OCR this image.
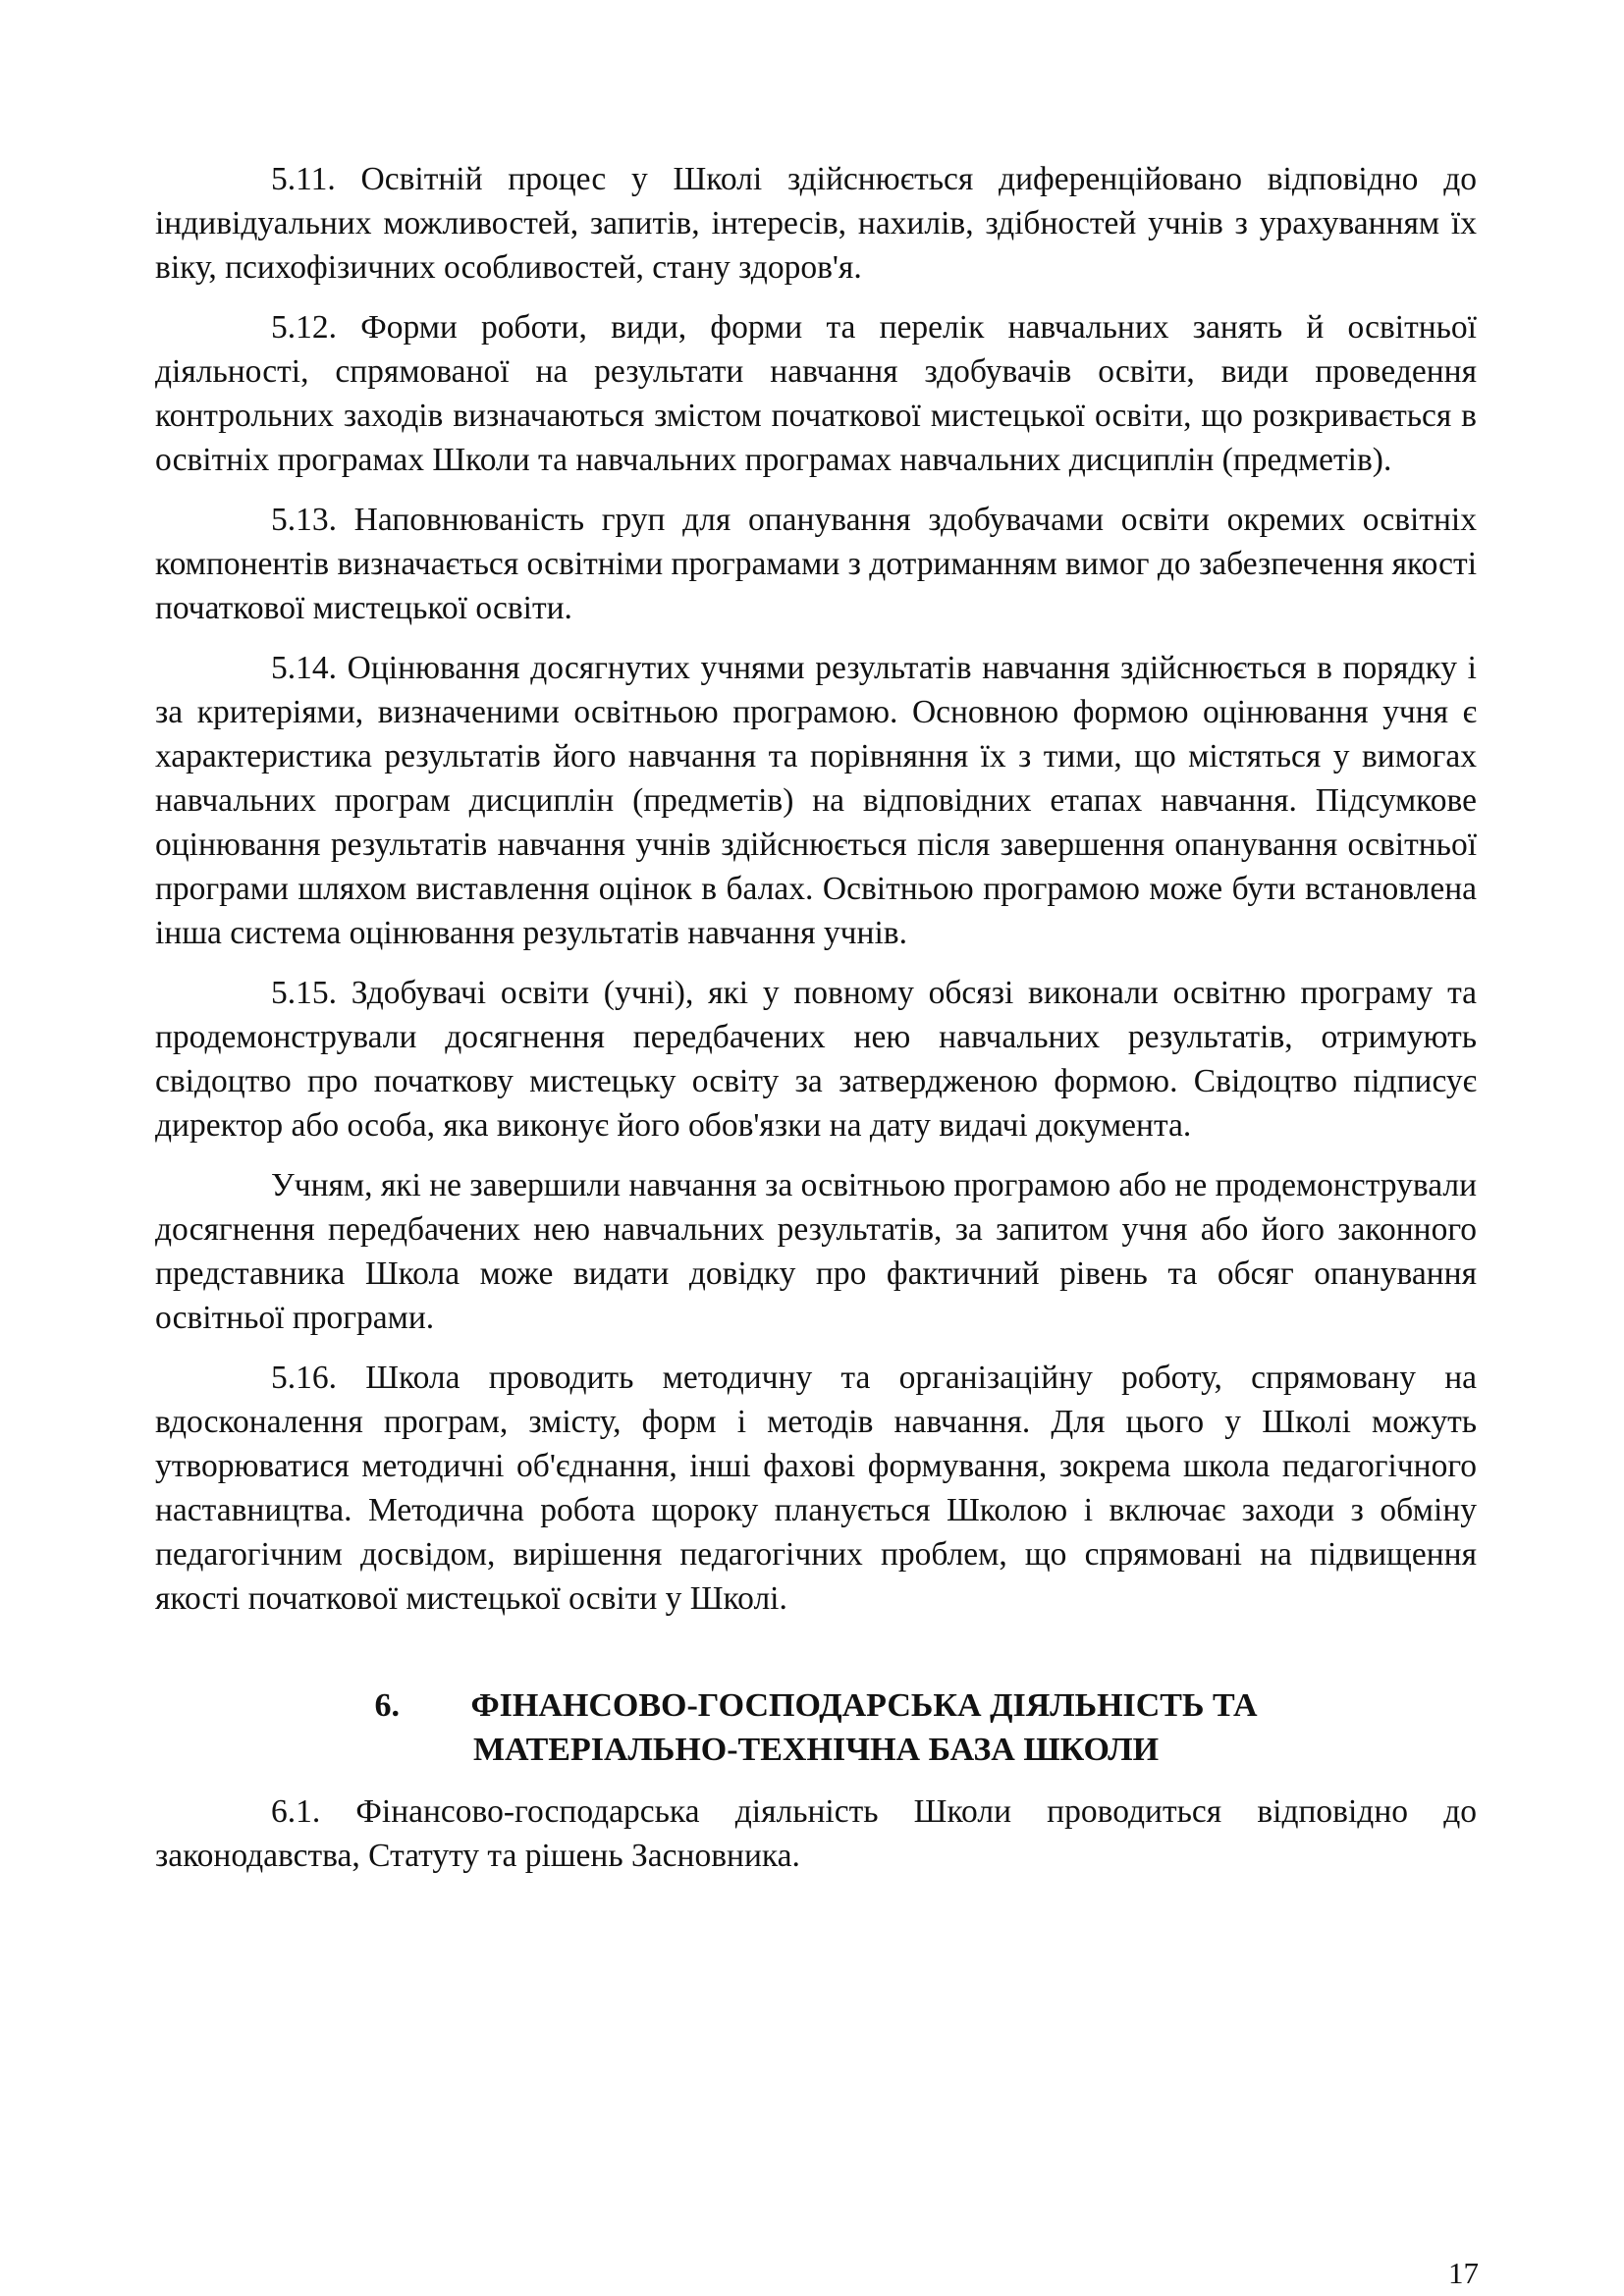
5.11. Освітній процес у Школі здійснюється диференційовано відповідно до індивідуальних можливостей, запитів, інтересів, нахилів, здібностей учнів з урахуванням їх віку, психофізичних особливостей, стану здоров'я.

5.12. Форми роботи, види, форми та перелік навчальних занять й освітньої діяльності, спрямованої на результати навчання здобувачів освіти, види проведення контрольних заходів визначаються змістом початкової мистецької освіти, що розкривається в освітніх програмах Школи та навчальних програмах навчальних дисциплін (предметів).

5.13. Наповнюваність груп для опанування здобувачами освіти окремих освітніх компонентів визначається освітніми програмами з дотриманням вимог до забезпечення якості початкової мистецької освіти.

5.14. Оцінювання досягнутих учнями результатів навчання здійснюється в порядку і за критеріями, визначеними освітньою програмою. Основною формою оцінювання учня є характеристика результатів його навчання та порівняння їх з тими, що містяться у вимогах навчальних програм дисциплін (предметів) на відповідних етапах навчання. Підсумкове оцінювання результатів навчання учнів здійснюється після завершення опанування освітньої програми шляхом виставлення оцінок в балах. Освітньою програмою може бути встановлена інша система оцінювання результатів навчання учнів.

5.15. Здобувачі освіти (учні), які у повному обсязі виконали освітню програму та продемонстрували досягнення передбачених нею навчальних результатів, отримують свідоцтво про початкову мистецьку освіту за затвердженою формою. Свідоцтво підписує директор або особа, яка виконує його обов'язки на дату видачі документа.

Учням, які не завершили навчання за освітньою програмою або не продемонстрували досягнення передбачених нею навчальних результатів, за запитом учня або його законного представника Школа може видати довідку про фактичний рівень та обсяг опанування освітньої програми.

5.16. Школа проводить методичну та організаційну роботу, спрямовану на вдосконалення програм, змісту, форм і методів навчання. Для цього у Школі можуть утворюватися методичні об'єднання, інші фахові формування, зокрема школа педагогічного наставництва. Методична робота щороку планується Школою і включає заходи з обміну педагогічним досвідом, вирішення педагогічних проблем, що спрямовані на підвищення якості початкової мистецької освіти у Школі.

6. ФІНАНСОВО-ГОСПОДАРСЬКА ДІЯЛЬНІСТЬ ТА
МАТЕРІАЛЬНО-ТЕХНІЧНА БАЗА ШКОЛИ

6.1. Фінансово-господарська діяльність Школи проводиться відповідно до законодавства, Статуту та рішень Засновника.

17
